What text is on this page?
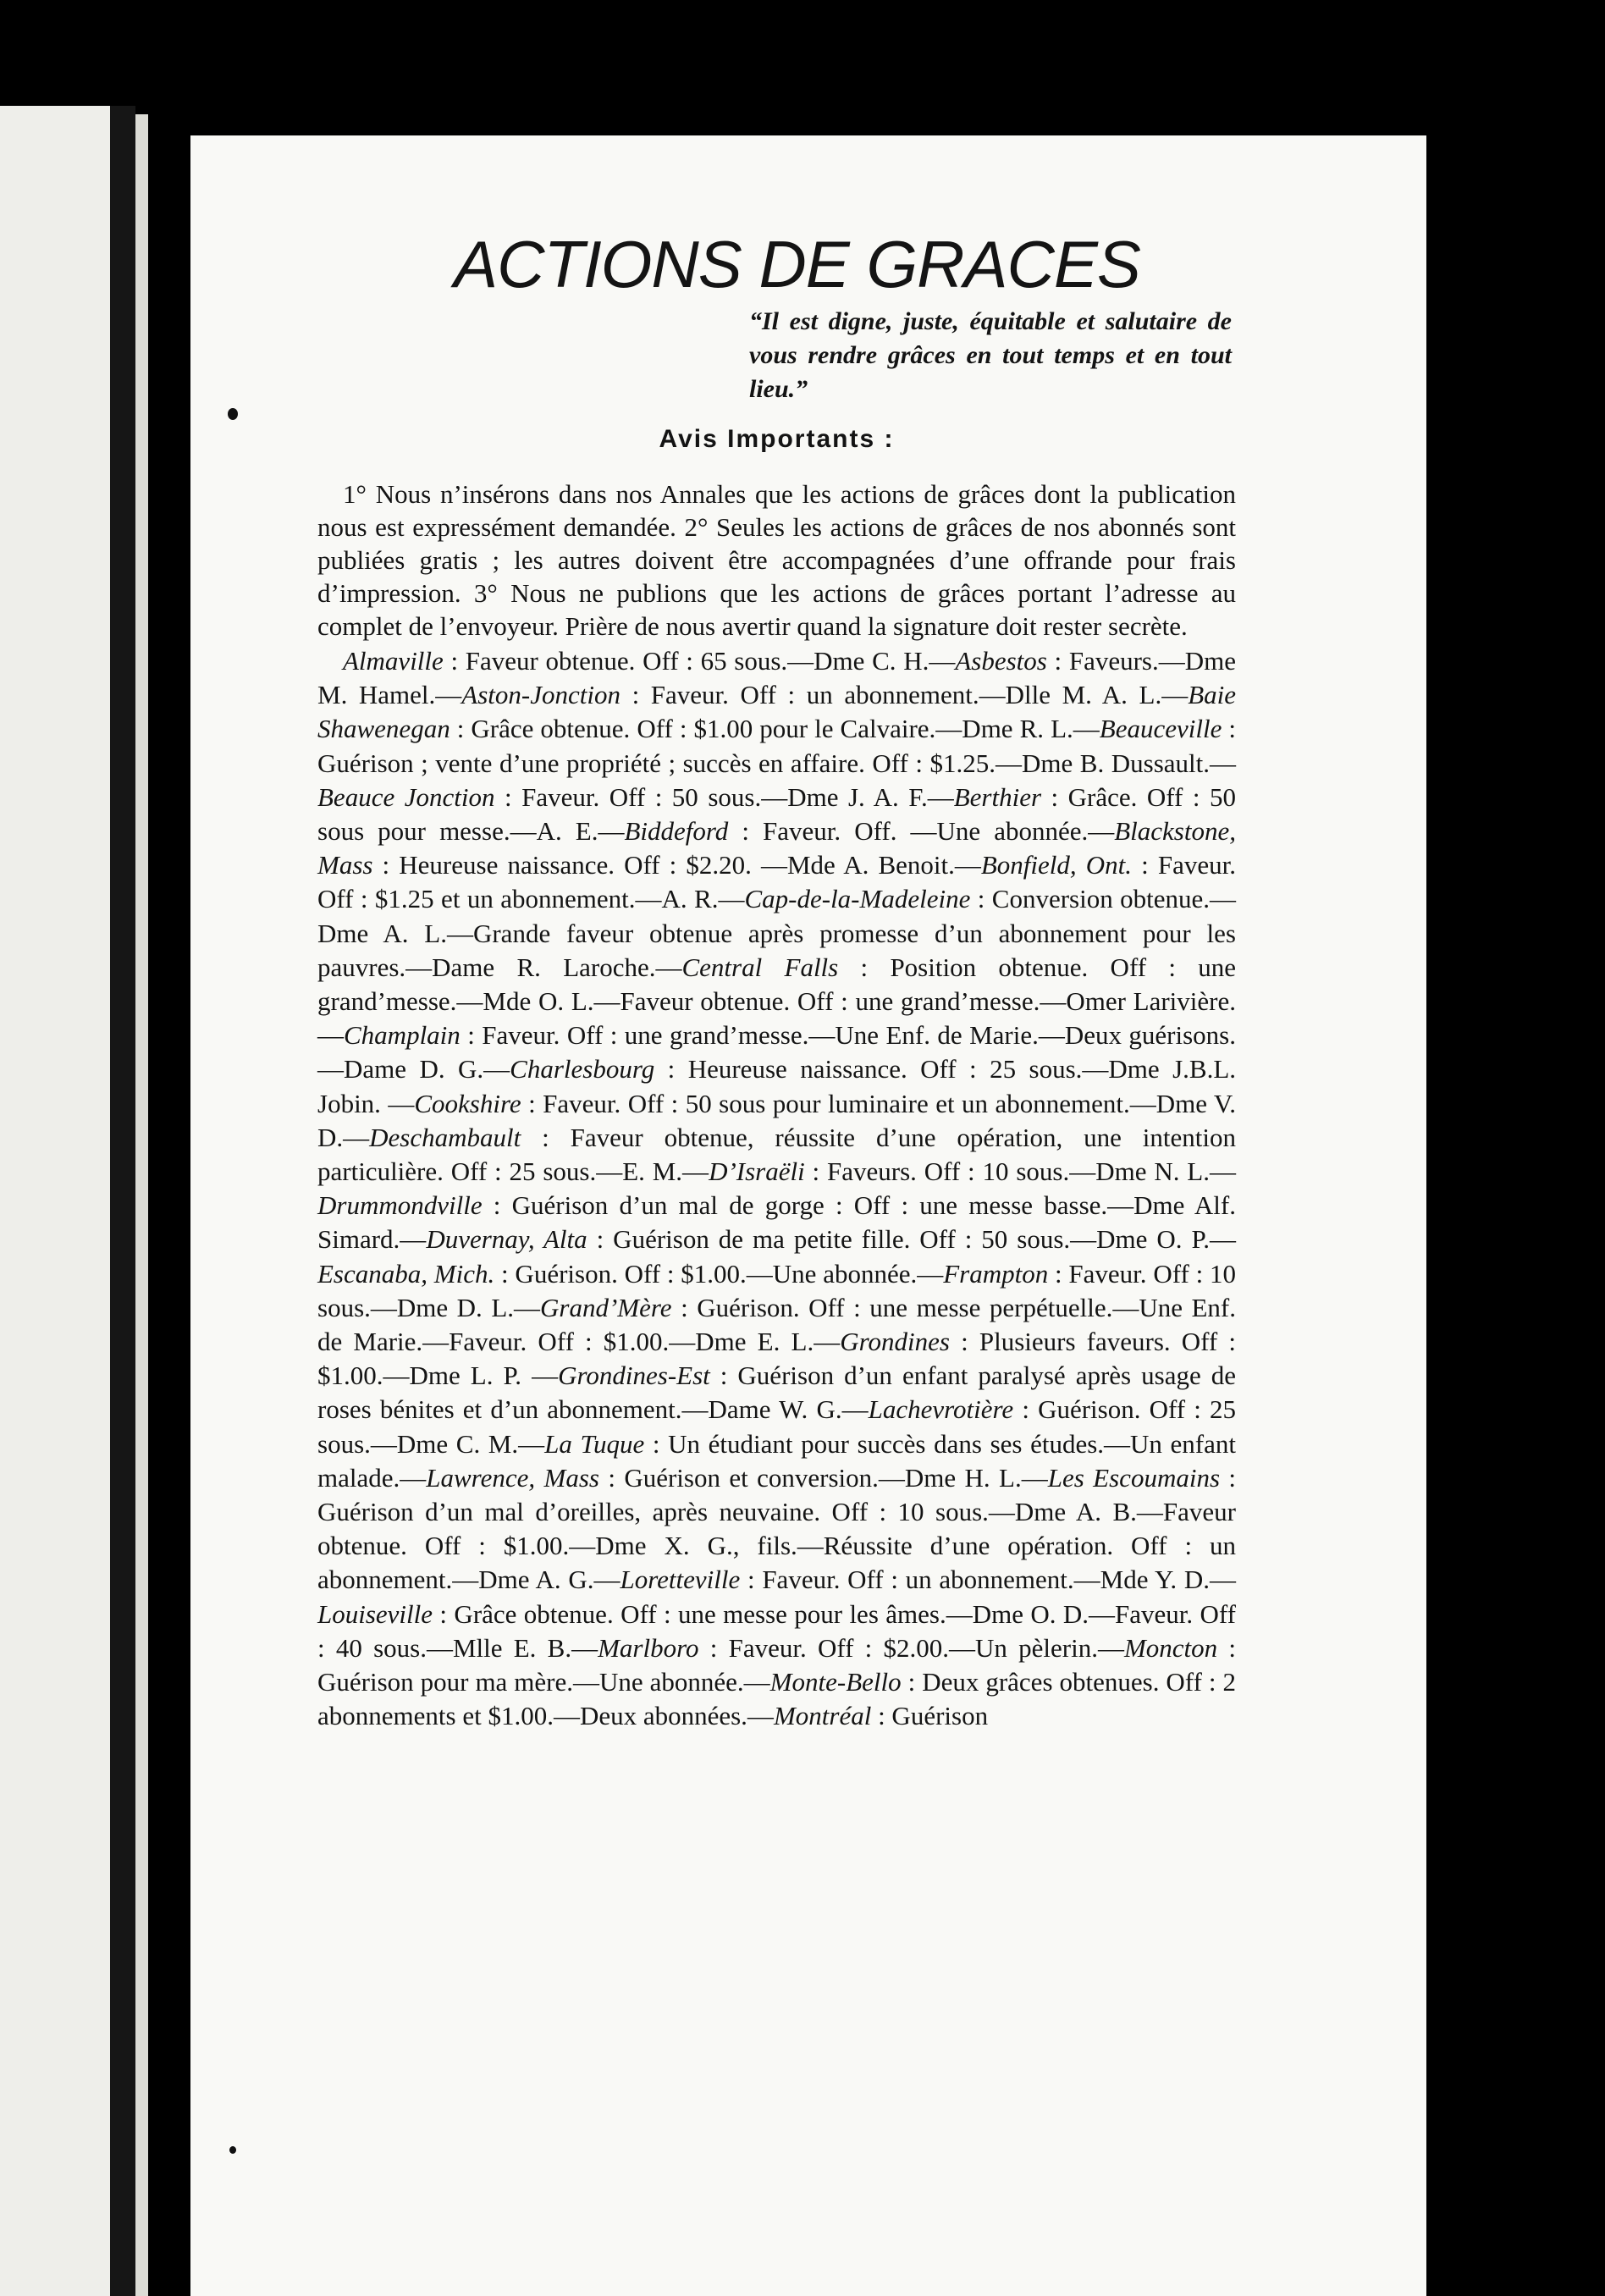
ACTIONS DE GRACES
“Il est digne, juste, équitable et salutaire de vous rendre grâces en tout temps et en tout lieu.”
Avis Importants :

1° Nous n’insérons dans nos Annales que les actions de grâces dont la publication nous est expressément demandée. 2° Seules les actions de grâces de nos abonnés sont publiées gratis ; les autres doivent être accompagnées d’une offrande pour frais d’impression. 3° Nous ne publions que les actions de grâces portant l’adresse au complet de l’envoyeur. Prière de nous avertir quand la signature doit rester secrète.

Almaville : Faveur obtenue. Off : 65 sous.—Dme C. H.—Asbestos : Faveurs.—Dme M. Hamel.—Aston-Jonction : Faveur. Off : un abonnement.—Dlle M. A. L.—Baie Shawenegan : Grâce obtenue. Off : $1.00 pour le Calvaire.—Dme R. L.—Beauceville : Guérison ; vente d’une propriété ; succès en affaire. Off : $1.25.—Dme B. Dussault.—Beauce Jonction : Faveur. Off : 50 sous.—Dme J. A. F.—Berthier : Grâce. Off : 50 sous pour messe.—A. E.—Biddeford : Faveur. Off. —Une abonnée.—Blackstone, Mass : Heureuse naissance. Off : $2.20. —Mde A. Benoit.—Bonfield, Ont. : Faveur. Off : $1.25 et un abonnement.—A. R.—Cap-de-la-Madeleine : Conversion obtenue.—Dme A. L.—Grande faveur obtenue après promesse d’un abonnement pour les pauvres.—Dame R. Laroche.—Central Falls : Position obtenue. Off : une grand’messe.—Mde O. L.—Faveur obtenue. Off : une grand’messe.—Omer Larivière.—Champlain : Faveur. Off : une grand’messe.—Une Enf. de Marie.—Deux guérisons.—Dame D. G.—Charlesbourg : Heureuse naissance. Off : 25 sous.—Dme J.B.L. Jobin. —Cookshire : Faveur. Off : 50 sous pour luminaire et un abonnement.—Dme V. D.—Deschambault : Faveur obtenue, réussite d’une opération, une intention particulière. Off : 25 sous.—E. M.—D’Israëli : Faveurs. Off : 10 sous.—Dme N. L.—Drummondville : Guérison d’un mal de gorge : Off : une messe basse.—Dme Alf. Simard.—Duvernay, Alta : Guérison de ma petite fille. Off : 50 sous.—Dme O. P.—Escanaba, Mich. : Guérison. Off : $1.00.—Une abonnée.—Frampton : Faveur. Off : 10 sous.—Dme D. L.—Grand’Mère : Guérison. Off : une messe perpétuelle.—Une Enf. de Marie.—Faveur. Off : $1.00.—Dme E. L.—Grondines : Plusieurs faveurs. Off : $1.00.—Dme L. P. —Grondines-Est : Guérison d’un enfant paralysé après usage de roses bénites et d’un abonnement.—Dame W. G.—Lachevrotière : Guérison. Off : 25 sous.—Dme C. M.—La Tuque : Un étudiant pour succès dans ses études.—Un enfant malade.—Lawrence, Mass : Guérison et conversion.—Dme H. L.—Les Escoumains : Guérison d’un mal d’oreilles, après neuvaine. Off : 10 sous.—Dme A. B.—Faveur obtenue. Off : $1.00.—Dme X. G., fils.—Réussite d’une opération. Off : un abonnement.—Dme A. G.—Loretteville : Faveur. Off : un abonnement.—Mde Y. D.—Louiseville : Grâce obtenue. Off : une messe pour les âmes.—Dme O. D.—Faveur. Off : 40 sous.—Mlle E. B.—Marlboro : Faveur. Off : $2.00.—Un pèlerin.—Moncton : Guérison pour ma mère.—Une abonnée.—Monte-Bello : Deux grâces obtenues. Off : 2 abonnements et $1.00.—Deux abonnées.—Montréal : Guérison
